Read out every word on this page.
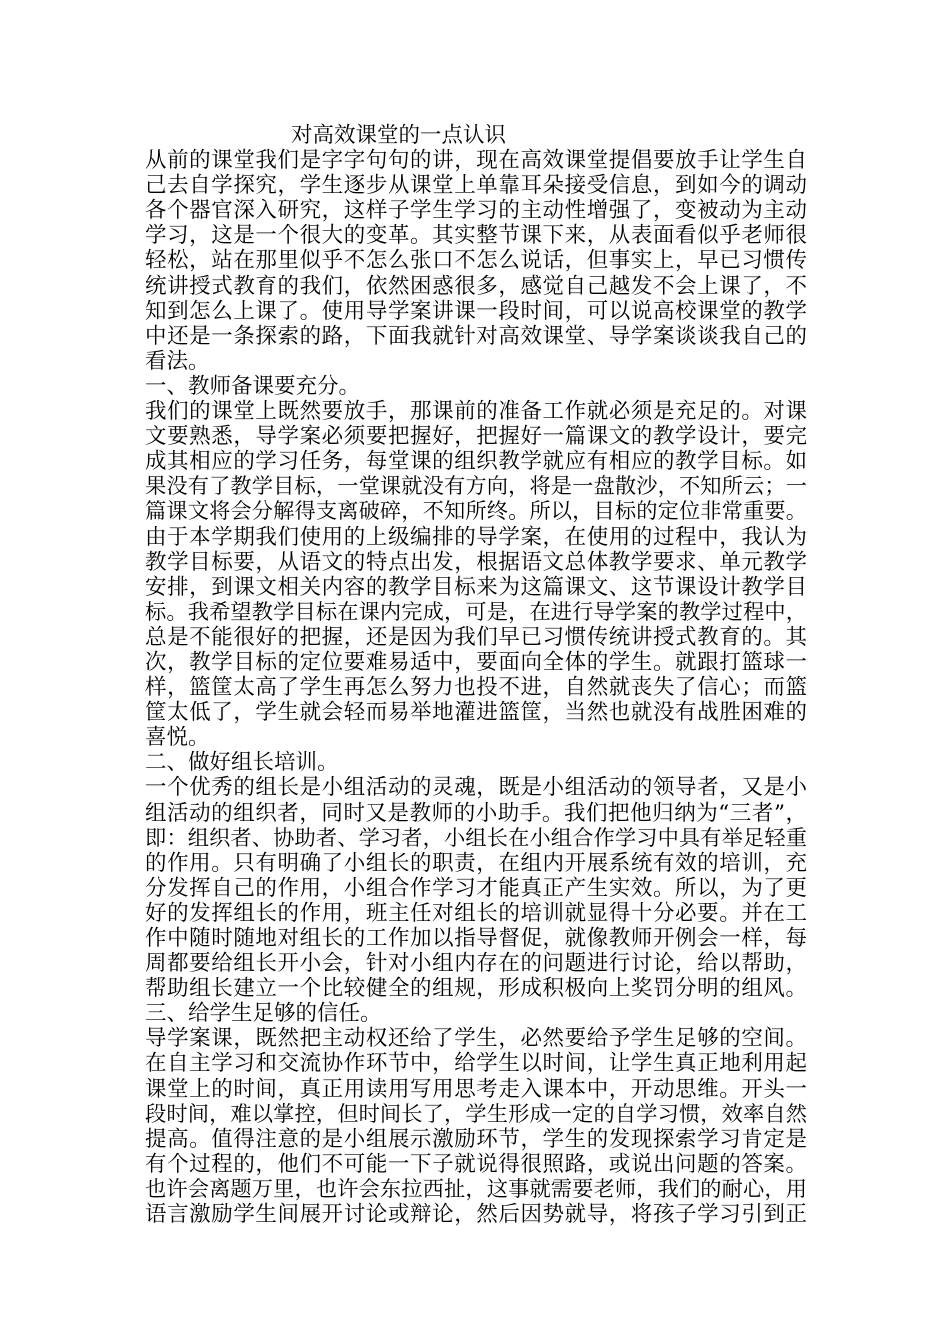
对高效课堂的一点认识
从前的课堂我们是字字句句的讲，现在高效课堂提倡要放手让学生自
己去自学探究，学生逐步从课堂上单靠耳朵接受信息，到如今的调动
各个器官深入研究，这样子学生学习的主动性增强了，变被动为主动
学习，这是一个很大的变革。其实整节课下来，从表面看似乎老师很
轻松，站在那里似乎不怎么张口不怎么说话，但事实上，早已习惯传
统讲授式教育的我们，依然困惑很多，感觉自己越发不会上课了，不
知到怎么上课了。使用导学案讲课一段时间，可以说高校课堂的教学
中还是一条探索的路，下面我就针对高效课堂、导学案谈谈我自己的
看法。
一、教师备课要充分。
我们的课堂上既然要放手，那课前的准备工作就必须是充足的。对课
文要熟悉，导学案必须要把握好，把握好一篇课文的教学设计，要完
成其相应的学习任务，每堂课的组织教学就应有相应的教学目标。如
果没有了教学目标，一堂课就没有方向，将是一盘散沙，不知所云；一
篇课文将会分解得支离破碎，不知所终。所以，目标的定位非常重要。
由于本学期我们使用的上级编排的导学案，在使用的过程中，我认为
教学目标要，从语文的特点出发，根据语文总体教学要求、单元教学
安排，到课文相关内容的教学目标来为这篇课文、这节课设计教学目
标。我希望教学目标在课内完成，可是，在进行导学案的教学过程中，
总是不能很好的把握，还是因为我们早已习惯传统讲授式教育的。其
次，教学目标的定位要难易适中，要面向全体的学生。就跟打篮球一
样，篮筐太高了学生再怎么努力也投不进，自然就丧失了信心；而篮
筐太低了，学生就会轻而易举地灌进篮筐，当然也就没有战胜困难的
喜悦。
二、做好组长培训。
一个优秀的组长是小组活动的灵魂，既是小组活动的领导者，又是小
组活动的组织者，同时又是教师的小助手。我们把他归纳为“三者”，
即：组织者、协助者、学习者，小组长在小组合作学习中具有举足轻重
的作用。只有明确了小组长的职责，在组内开展系统有效的培训，充
分发挥自己的作用，小组合作学习才能真正产生实效。所以，为了更
好的发挥组长的作用，班主任对组长的培训就显得十分必要。并在工
作中随时随地对组长的工作加以指导督促，就像教师开例会一样，每
周都要给组长开小会，针对小组内存在的问题进行讨论，给以帮助，
帮助组长建立一个比较健全的组规，形成积极向上奖罚分明的组风。
三、给学生足够的信任。
导学案课，既然把主动权还给了学生，必然要给予学生足够的空间。
在自主学习和交流协作环节中，给学生以时间，让学生真正地利用起
课堂上的时间，真正用读用写用思考走入课本中，开动思维。开头一
段时间，难以掌控，但时间长了，学生形成一定的自学习惯，效率自然
提高。值得注意的是小组展示激励环节，学生的发现探索学习肯定是
有个过程的，他们不可能一下子就说得很照路，或说出问题的答案。
也许会离题万里，也许会东拉西扯，这事就需要老师，我们的耐心，用
语言激励学生间展开讨论或辩论，然后因势就导，将孩子学习引到正
